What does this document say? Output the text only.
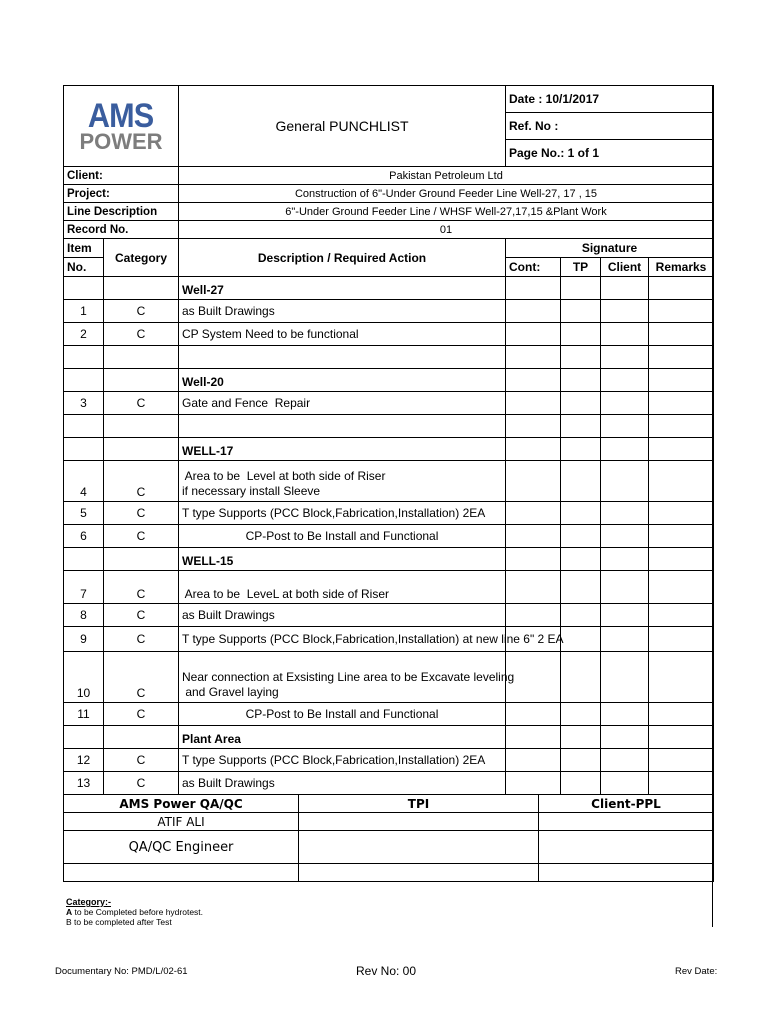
AMS
POWER
	General PUNCHLIST	Date : 10/1/2017
Ref. No :
Page No.: 1 of 1
Client:	Pakistan Petroleum Ltd
Project:	Construction of 6"-Under Ground Feeder Line Well-27, 17 , 15
Line Description	6"-Under Ground Feeder Line / WHSF Well-27,17,15 &Plant Work
Record No.	01
Item	Category	Description / Required Action	Signature			
No.			Cont:	TP	Client	Remarks
		Well-27				
1	C	as Built Drawings				
2	C	CP System Need to be functional				

		Well-20				
3	C	Gate and Fence  Repair				

		WELL-17				
4	C	Area to be  Level at both side of Riser
if necessary install Sleeve				

5	C	T type Supports (PCC Block,Fabrication,Installation) 2EA				
6	C	CP-Post to Be Install and Functional				
		WELL-15				
7	C	Area to be  LeveL at both side of Riser				
8	C	as Built Drawings				
9	C	T type Supports (PCC Block,Fabrication,Installation) at new line 6" 2 EA				
10	C	Near connection at Exsisting Line area to be Excavate leveling
and Gravel laying				

11	C	CP-Post to Be Install and Functional				
		Plant Area				
12	C	T type Supports (PCC Block,Fabrication,Installation) 2EA				
13	C	as Built Drawings				
AMS Power QA/QC	TPI	Client-PPL
ATIF ALI		
QA/QC Engineer		

Category:-
A to be Completed before hydrotest.
B to be completed after Test
Documentary No: PMD/L/02-61	Rev No: 00	Rev Date:
